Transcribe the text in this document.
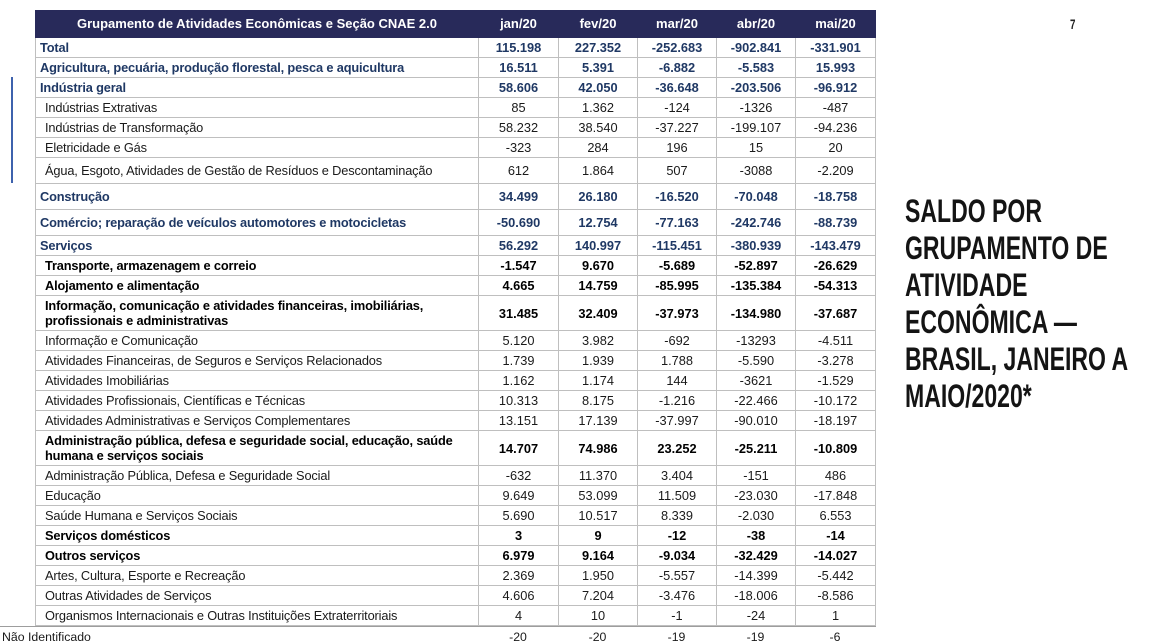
7
Grupamento de Atividades Econômicas e Seção CNAE 2.0	jan/20	fev/20	mar/20	abr/20	mai/20
Total	115.198	227.352	-252.683	-902.841	-331.901
Agricultura, pecuária, produção florestal, pesca e aquicultura	16.511	5.391	-6.882	-5.583	15.993
Indústria geral	58.606	42.050	-36.648	-203.506	-96.912
Indústrias Extrativas	85	1.362	-124	-1326	-487
Indústrias de Transformação	58.232	38.540	-37.227	-199.107	-94.236
Eletricidade e Gás	-323	284	196	15	20
Água, Esgoto, Atividades de Gestão de Resíduos e Descontaminação	612	1.864	507	-3088	-2.209
Construção	34.499	26.180	-16.520	-70.048	-18.758
Comércio; reparação de veículos automotores e motocicletas	-50.690	12.754	-77.163	-242.746	-88.739
Serviços	56.292	140.997	-115.451	-380.939	-143.479
Transporte, armazenagem e correio	-1.547	9.670	-5.689	-52.897	-26.629
Alojamento e alimentação	4.665	14.759	-85.995	-135.384	-54.313
Informação, comunicação e atividades financeiras, imobiliárias, profissionais e administrativas	31.485	32.409	-37.973	-134.980	-37.687
Informação e Comunicação	5.120	3.982	-692	-13293	-4.511
Atividades Financeiras, de Seguros e Serviços Relacionados	1.739	1.939	1.788	-5.590	-3.278
Atividades Imobiliárias	1.162	1.174	144	-3621	-1.529
Atividades Profissionais, Científicas e Técnicas	10.313	8.175	-1.216	-22.466	-10.172
Atividades Administrativas e Serviços Complementares	13.151	17.139	-37.997	-90.010	-18.197
Administração pública, defesa e seguridade social, educação, saúde humana e serviços sociais	14.707	74.986	23.252	-25.211	-10.809
Administração Pública, Defesa e Seguridade Social	-632	11.370	3.404	-151	486
Educação	9.649	53.099	11.509	-23.030	-17.848
Saúde Humana e Serviços Sociais	5.690	10.517	8.339	-2.030	6.553
Serviços domésticos	3	9	-12	-38	-14
Outros serviços	6.979	9.164	-9.034	-32.429	-14.027
Artes, Cultura, Esporte e Recreação	2.369	1.950	-5.557	-14.399	-5.442
Outras Atividades de Serviços	4.606	7.204	-3.476	-18.006	-8.586
Organismos Internacionais e Outras Instituições Extraterritoriais	4	10	-1	-24	1
Não Identificado	-20	-20	-19	-19	-6
SALDO POR
GRUPAMENTO DE
ATIVIDADE
ECONÔMICA —
BRASIL, JANEIRO A
MAIO/2020*
